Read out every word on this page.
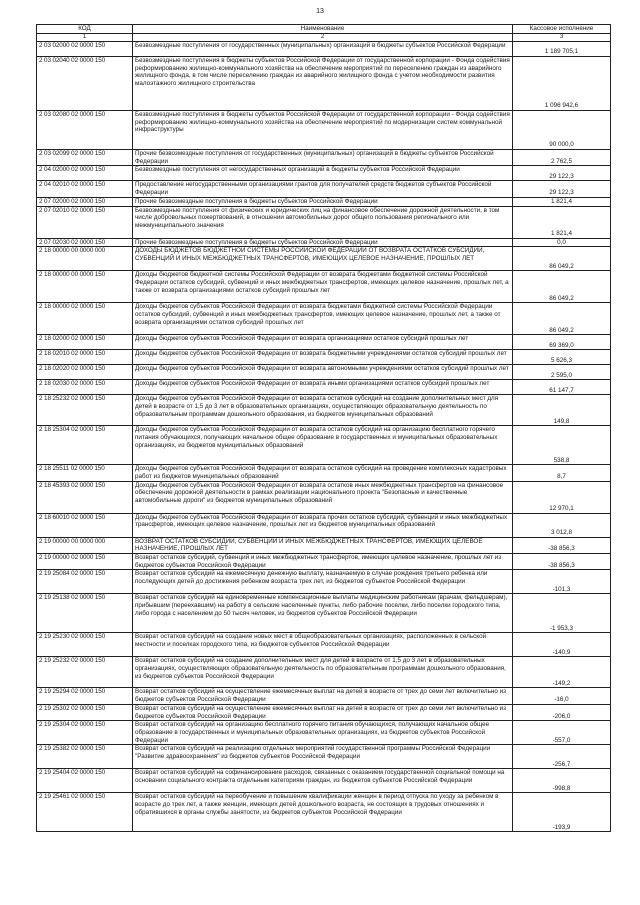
13
КОД	Наименование	Кассовое исполнение
1	2	3
2 03 02000 02 0000 150	Безвозмездные поступления от государственных (муниципальных) организаций в бюджеты субъектов Российской Федерации	1 189 705,1
2 03 02040 02 0000 150	Безвозмездные поступления в бюджеты субъектов Российской Федерации от государственной корпорации - Фонда содействия реформированию жилищно-коммунального хозяйства на обеспечение мероприятий по переселению граждан из аварийного жилищного фонда, в том числе переселению граждан из аварийного жилищного фонда с учетом необходимости развития малоэтажного жилищного строительства	1 096 942,6
2 03 02080 02 0000 150	Безвозмездные поступления в бюджеты субъектов Российской Федерации от государственной корпорации - Фонда содействия реформированию жилищно-коммунального хозяйства на обеспечение мероприятий по модернизации систем коммунальной инфраструктуры	90 000,0
2 03 02099 02 0000 150	Прочие безвозмездные поступления от государственных (муниципальных) организаций в бюджеты субъектов Российской Федерации	2 762,5
2 04 02000 02 0000 150	Безвозмездные поступления от негосударственных организаций в бюджеты субъектов Российской Федерации	29 122,3
2 04 02010 02 0000 150	Предоставление негосударственными организациями грантов для получателей средств бюджетов субъектов Российской Федерации	29 122,3
2 07 02000 02 0000 150	Прочие безвозмездные поступления в бюджеты субъектов Российской Федерации	1 821,4
2 07 02010 02 0000 150	Безвозмездные поступления от физических и юридических лиц на финансовое обеспечение дорожной деятельности, в том числе добровольных пожертвований, в отношении автомобильных дорог общего пользования регионального или межмуниципального значения	1 821,4
2 07 02030 02 0000 150	Прочие безвозмездные поступления в бюджеты субъектов Российской Федерации	0,0
2 18 00000 00 0000 000	ДОХОДЫ БЮДЖЕТОВ БЮДЖЕТНОЙ СИСТЕМЫ РОССИЙСКОЙ ФЕДЕРАЦИИ ОТ ВОЗВРАТА ОСТАТКОВ СУБСИДИЙ, СУБВЕНЦИЙ И ИНЫХ МЕЖБЮДЖЕТНЫХ ТРАНСФЕРТОВ, ИМЕЮЩИХ ЦЕЛЕВОЕ НАЗНАЧЕНИЕ, ПРОШЛЫХ ЛЕТ	86 049,2
2 18 00000 00 0000 150	Доходы бюджетов бюджетной системы Российской Федерации от возврата бюджетами бюджетной системы Российской Федерации остатков субсидий, субвенций и иных межбюджетных трансфертов, имеющих целевое назначение, прошлых лет, а также от возврата организациями остатков субсидий прошлых лет	86 049,2
2 18 00000 02 0000 150	Доходы бюджетов субъектов Российской Федерации от возврата бюджетами бюджетной системы Российской Федерации остатков субсидий, субвенций и иных межбюджетных трансфертов, имеющих целевое назначение, прошлых лет, а также от возврата организациями остатков субсидий прошлых лет	86 049,2
2 18 02000 02 0000 150	Доходы бюджетов субъектов Российской Федерации от возврата организациями остатков субсидий прошлых лет	69 369,0
2 18 02010 02 0000 150	Доходы бюджетов субъектов Российской Федерации от возврата бюджетными учреждениями остатков субсидий прошлых лет	5 626,3
2 18 02020 02 0000 150	Доходы бюджетов субъектов Российской Федерации от возврата автономными учреждениями остатков субсидий прошлых лет	2 595,0
2 18 02030 02 0000 150	Доходы бюджетов субъектов Российской Федерации от возврата иными организациями остатков субсидий прошлых лет	61 147,7
2 18 25232 02 0000 150	Доходы бюджетов субъектов Российской Федерации от возврата остатков субсидий на создание дополнительных мест для детей в возрасте от 1,5 до 3 лет в образовательных организациях, осуществляющих образовательную деятельность по образовательным программам дошкольного образования, из бюджетов муниципальных образований	149,8
2 18 25304 02 0000 150	Доходы бюджетов субъектов Российской Федерации от возврата остатков субсидий на организацию бесплатного горячего питания обучающихся, получающих начальное общее образование в государственных и муниципальных образовательных организациях, из бюджетов муниципальных образований	538,8
2 18 25511 02 0000 150	Доходы бюджетов субъектов Российской Федерации от возврата остатков субсидий на проведение комплексных кадастровых работ из бюджетов муниципальных образований	8,7
2 18 45393 02 0000 150	Доходы бюджетов субъектов Российской Федерации от возврата остатков иных межбюджетных трансфертов на финансовое обеспечение дорожной деятельности в рамках реализации национального проекта "Безопасные и качественные автомобильные дороги" из бюджетов муниципальных образований	12 970,1
2 18 60010 02 0000 150	Доходы бюджетов субъектов Российской Федерации от возврата прочих остатков субсидий, субвенций и иных межбюджетных трансфертов, имеющих целевое назначение, прошлых лет из бюджетов муниципальных образований	3 012,8
2 19 00000 00 0000 000	ВОЗВРАТ ОСТАТКОВ СУБСИДИЙ, СУБВЕНЦИЙ И ИНЫХ МЕЖБЮДЖЕТНЫХ ТРАНСФЕРТОВ, ИМЕЮЩИХ ЦЕЛЕВОЕ НАЗНАЧЕНИЕ, ПРОШЛЫХ ЛЕТ	-38 856,3
2 19 00000 02 0000 150	Возврат остатков субсидий, субвенций и иных межбюджетных трансфертов, имеющих целевое назначение, прошлых лет из бюджетов субъектов Российской Федерации	-38 856,3
2 19 25084 02 0000 150	Возврат остатков субсидий на ежемесячную денежную выплату, назначаемую в случае рождения третьего ребенка или последующих детей до достижения ребенком возраста трех лет, из бюджетов субъектов Российской Федерации	-101,3
2 19 25138 02 0000 150	Возврат остатков субсидий на единовременные компенсационные выплаты медицинским работникам (врачам, фельдшерам), прибывшим (переехавшим) на работу в сельские населенные пункты, либо рабочие поселки, либо поселки городского типа, либо города с населением до 50 тысяч человек, из бюджетов субъектов Российской Федерации	-1 953,3
2 19 25230 02 0000 150	Возврат остатков субсидий на создание новых мест в общеобразовательных организациях, расположенных в сельской местности и поселках городского типа, из бюджетов субъектов Российской Федерации	-140,9
2 19 25232 02 0000 150	Возврат остатков субсидий на создание дополнительных мест для детей в возрасте от 1,5 до 3 лет в образовательных организациях, осуществляющих образовательную деятельность по образовательным программам дошкольного образования, из бюджетов субъектов Российской Федерации	-149,2
2 19 25294 02 0000 150	Возврат остатков субсидий на осуществление ежемесячных выплат на детей в возрасте от трех до семи лет включительно из бюджетов субъектов Российской Федерации	-16,0
2 19 25302 02 0000 150	Возврат остатков субсидий на осуществление ежемесячных выплат на детей в возрасте от трех до семи лет включительно из бюджетов субъектов Российской Федерации	-206,0
2 19 25304 02 0000 150	Возврат остатков субсидий на организацию бесплатного горячего питания обучающихся, получающих начальное общее образование в государственных и муниципальных образовательных организациях, из бюджетов субъектов Российской Федерации	-557,0
2 19 25382 02 0000 150	Возврат остатков субсидий на реализацию отдельных мероприятий государственной программы Российской Федерации "Развитие здравоохранения" из бюджетов субъектов Российской Федерации	-256,7
2 19 25404 02 0000 150	Возврат остатков субсидий на софинансирование расходов, связанных с оказанием государственной социальной помощи на основании социального контракта отдельным категориям граждан, из бюджетов субъектов Российской Федерации	-998,8
2 19 25461 02 0000 150	Возврат остатков субсидий на переобучение и повышение квалификации женщин в период отпуска по уходу за ребенком в возрасте до трех лет, а также женщин, имеющих детей дошкольного возраста, не состоящих в трудовых отношениях и обратившихся в органы службы занятости, из бюджетов субъектов Российской Федерации	-193,9
